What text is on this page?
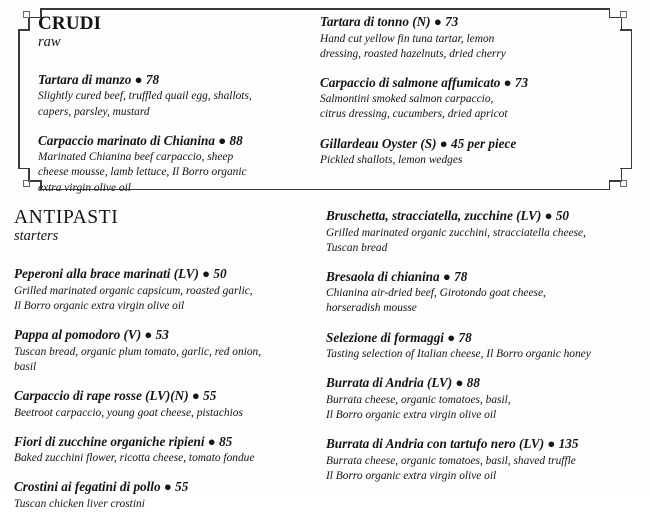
CRUDI
raw
Tartara di manzo ● 78
Slightly cured beef, truffled quail egg, shallots,
capers, parsley, mustard
Carpaccio marinato di Chianina ● 88
Marinated Chianina beef carpaccio, sheep
cheese mousse, lamb lettuce, Il Borro organic
extra virgin olive oil
Tartara di tonno (N) ● 73
Hand cut yellow fin tuna tartar, lemon
dressing, roasted hazelnuts, dried cherry
Carpaccio di salmone affumicato ● 73
Salmontini smoked salmon carpaccio,
citrus dressing, cucumbers, dried apricot
Gillardeau Oyster (S) ● 45 per piece
Pickled shallots, lemon wedges
ANTIPASTI
starters
Peperoni alla brace marinati (LV) ● 50
Grilled marinated organic capsicum, roasted garlic,
Il Borro organic extra virgin olive oil
Pappa al pomodoro (V) ● 53
Tuscan bread, organic plum tomato, garlic, red onion,
basil
Carpaccio di rape rosse (LV)(N) ● 55
Beetroot carpaccio, young goat cheese, pistachios
Fiori di zucchine organiche ripieni ● 85
Baked zucchini flower, ricotta cheese, tomato fondue
Crostini ai fegatini di pollo ● 55
Tuscan chicken liver crostini
Bruschetta, stracciatella, zucchine (LV) ● 50
Grilled marinated organic zucchini, stracciatella cheese,
Tuscan bread
Bresaola di chianina ● 78
Chianina air-dried beef, Girotondo goat cheese,
horseradish mousse
Selezione di formaggi ● 78
Tasting selection of Italian cheese, Il Borro organic honey
Burrata di Andria (LV) ● 88
Burrata cheese, organic tomatoes, basil,
Il Borro organic extra virgin olive oil
Burrata di Andria con tartufo nero (LV) ● 135
Burrata cheese, organic tomatoes, basil, shaved truffle
Il Borro organic extra virgin olive oil
